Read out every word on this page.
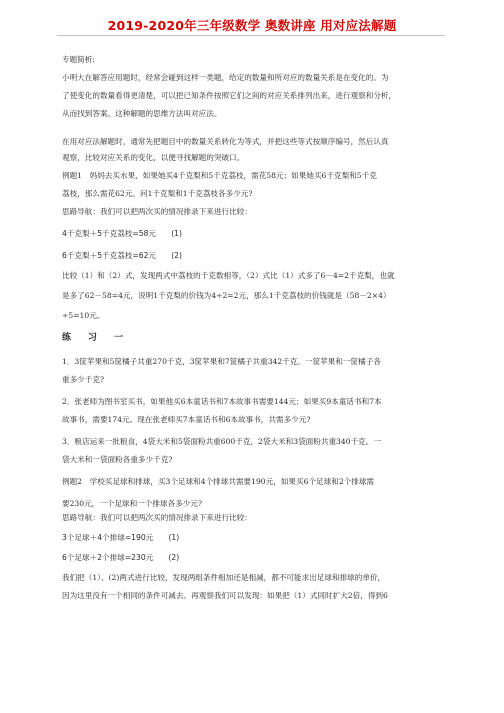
2019-2020年三年级数学 奥数讲座 用对应法解题
专题简析:
小明大在解答应用题时，经常会碰到这样一类题，给定的数量和所对应的数量关系是在变化的。为
了使变化的数量看得更清楚，可以把已知条件按照它们之间的对应关系排列出来，进行观察和分析，
从而找到答案。这种解题的思维方法叫对应法。
在用对应法解题时，通常先把题目中的数量关系转化为等式，并把这些等式按顺序编号，然后认真
观察，比较对应关系的变化，以便寻找解题的突破口。
例题1　妈妈去买水果，如果她买4千克梨和5千克荔枝，需花58元；如果她买6千克梨和5千克
荔枝，那么需花62元。问1千克梨和1千克荔枝各多少元?
思路导航：我们可以把两次买的情况排录下来进行比较：
4千克梨＋5千克荔枝=58元　　(1)
6千克梨＋5千克荔枝=62元　　(2)
比较（1）和（2）式，发现两式中荔枝的千克数相等，（2）式比（1）式多了6－4=2千克梨，也就
是多了62－58=4元，说明1千克梨的价钱为4÷2=2元，那么1千克荔枝的价钱就是（58－2×4）
÷5=10元。
练　习　一
1．3筐苹果和5筐橘子共重270千克，3筐苹果和7筐橘子共重342千克。一筐苹果和一筐橘子各
重多少千克?
2．张老师为图书室买书，如果他买6本童话书和7本故事书需要144元；如果买9本童话书和7本
故事书，需要174元。现在张老师买7本童话书和6本故事书，共需多少元?
3．粮店运来一批粮食，4袋大米和5袋面粉共重600千克，2袋大米和3袋面粉共重340千克。一
袋大米和一袋面粉各重多少千克?
例题2　学校买足球和排球，买3个足球和4个排球共需要190元，如果买6个足球和2个排球需
要230元，一个足球和一个排球各多少元?
思路导航：我们可以把两次买的情况排录下来进行比较：
3个足球＋4个排球=190元　　(1)
6个足球＋2个排球=230元　　(2)
我们把（1）、(2)两式进行比较，发现两组条件相加还是相减，都不可能求出足球和排球的单价，
因为这里没有一个相同的条件可减去。再观察我们可以发现：如果把（1）式同时扩大2倍，得到6
